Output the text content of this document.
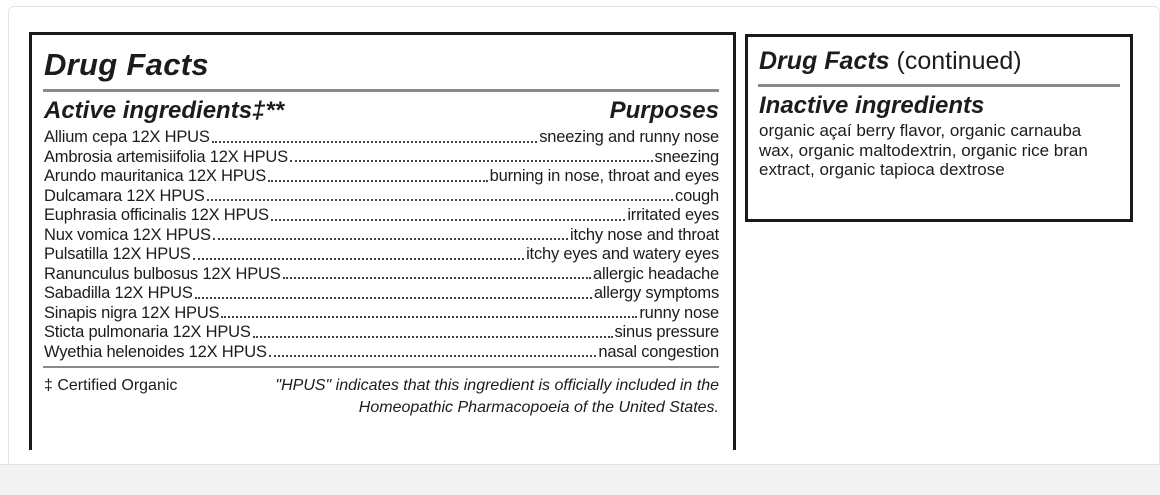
Drug Facts
Active ingredients‡**	Purposes
Allium cepa 12X HPUS	sneezing and runny nose
Ambrosia artemisiifolia 12X HPUS	sneezing
Arundo mauritanica 12X HPUS	burning in nose, throat and eyes
Dulcamara 12X HPUS	cough
Euphrasia officinalis 12X HPUS	irritated eyes
Nux vomica 12X HPUS	itchy nose and throat
Pulsatilla 12X HPUS	itchy eyes and watery eyes
Ranunculus bulbosus 12X HPUS	allergic headache
Sabadilla 12X HPUS	allergy symptoms
Sinapis nigra 12X HPUS	runny nose
Sticta pulmonaria 12X HPUS	sinus pressure
Wyethia helenoides 12X HPUS	nasal congestion
‡ Certified Organic	"HPUS" indicates that this ingredient is officially included in the Homeopathic Pharmacopoeia of the United States.
Drug Facts (continued)
Inactive ingredients
organic açaí berry flavor, organic carnauba wax, organic maltodextrin, organic rice bran extract, organic tapioca dextrose
